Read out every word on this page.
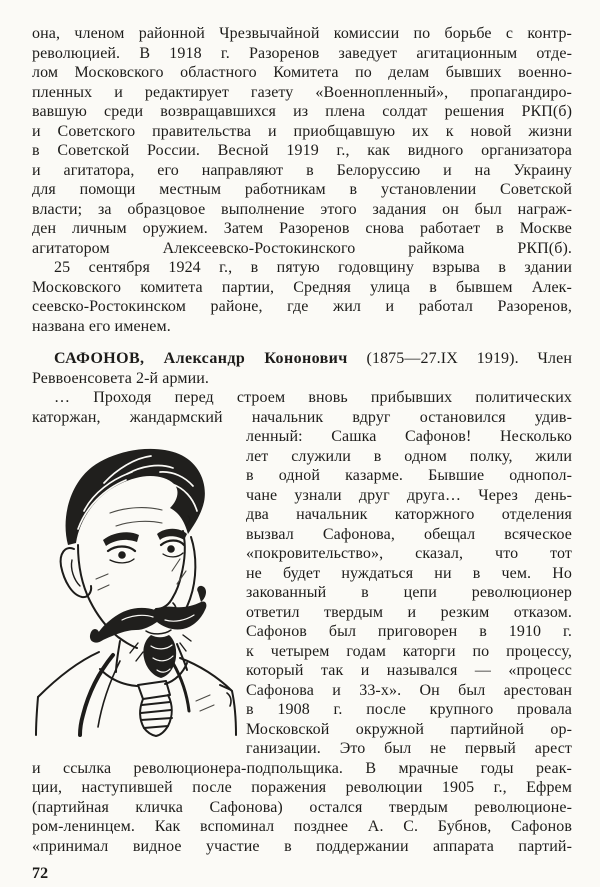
она, членом районной Чрезвычайной комиссии по борьбе с контр-
революцией. В 1918 г. Разоренов заведует агитационным отде-
лом Московского областного Комитета по делам бывших военно-
пленных и редактирует газету «Военнопленный», пропагандиро-
вавшую среди возвращавшихся из плена солдат решения РКП(б)
и Советского правительства и приобщавшую их к новой жизни
в Советской России. Весной 1919 г., как видного организатора
и агитатора, его направляют в Белоруссию и на Украину
для помощи местным работникам в установлении Советской
власти; за образцовое выполнение этого задания он был награж-
ден личным оружием. Затем Разоренов снова работает в Москве
агитатором Алексеевско-Ростокинского райкома РКП(б).
25 сентября 1924 г., в пятую годовщину взрыва в здании
Московского комитета партии, Средняя улица в бывшем Алек-
сеевско-Ростокинском районе, где жил и работал Разоренов,
названа его именем.
САФОНОВ, Александр Кононович (1875—27.IX 1919). Член
Реввоенсовета 2-й армии.
… Проходя перед строем вновь прибывших политических
каторжан, жандармский начальник вдруг остановился удив-
ленный: Сашка Сафонов! Несколько
лет служили в одном полку, жили
в одной казарме. Бывшие однопол-
чане узнали друг друга… Через день-
два начальник каторжного отделения
вызвал Сафонова, обещал всяческое
«покровительство», сказал, что тот
не будет нуждаться ни в чем. Но
закованный в цепи революционер
ответил твердым и резким отказом.
Сафонов был приговорен в 1910 г.
к четырем годам каторги по процессу,
который так и назывался — «процесс
Сафонова и 33-х». Он был арестован
в 1908 г. после крупного провала
Московской окружной партийной ор-
ганизации. Это был не первый арест
и ссылка революционера-подпольщика. В мрачные годы реак-
ции, наступившей после поражения революции 1905 г., Ефрем
(партийная кличка Сафонова) остался твердым революционе-
ром-ленинцем. Как вспоминал позднее А. С. Бубнов, Сафонов
«принимал видное участие в поддержании аппарата партий-
72
